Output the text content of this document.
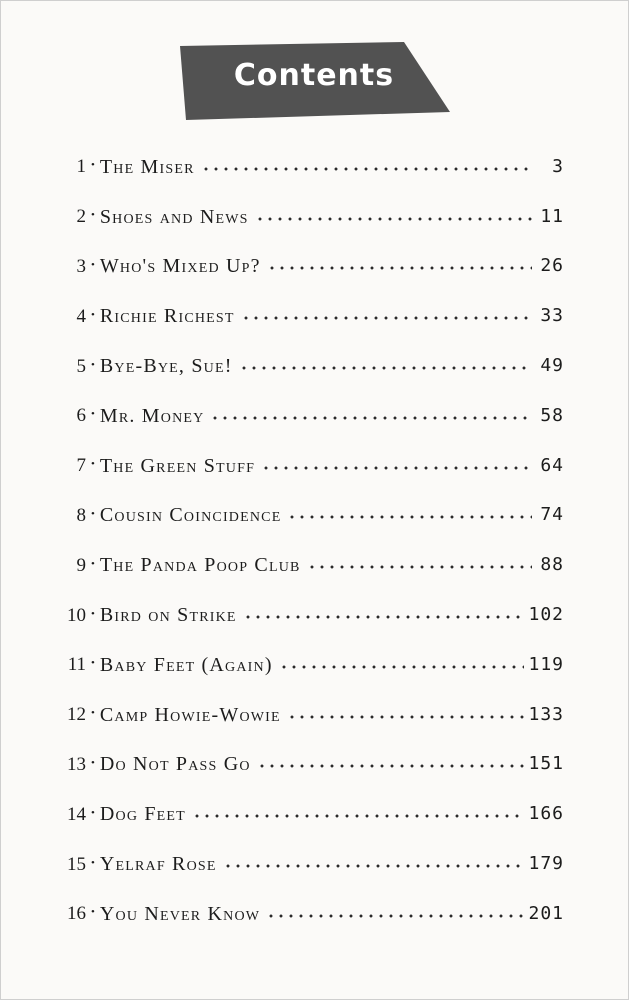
Contents
1 • The Miser	3
2 • Shoes and News	11
3 • Who's Mixed Up?	26
4 • Richie Richest	33
5 • Bye-Bye, Sue!	49
6 • Mr. Money	58
7 • The Green Stuff	64
8 • Cousin Coincidence	74
9 • The Panda Poop Club	88
10 • Bird on Strike	102
11 • Baby Feet (Again)	119
12 • Camp Howie-Wowie	133
13 • Do Not Pass Go	151
14 • Dog Feet	166
15 • Yelraf Rose	179
16 • You Never Know	201
